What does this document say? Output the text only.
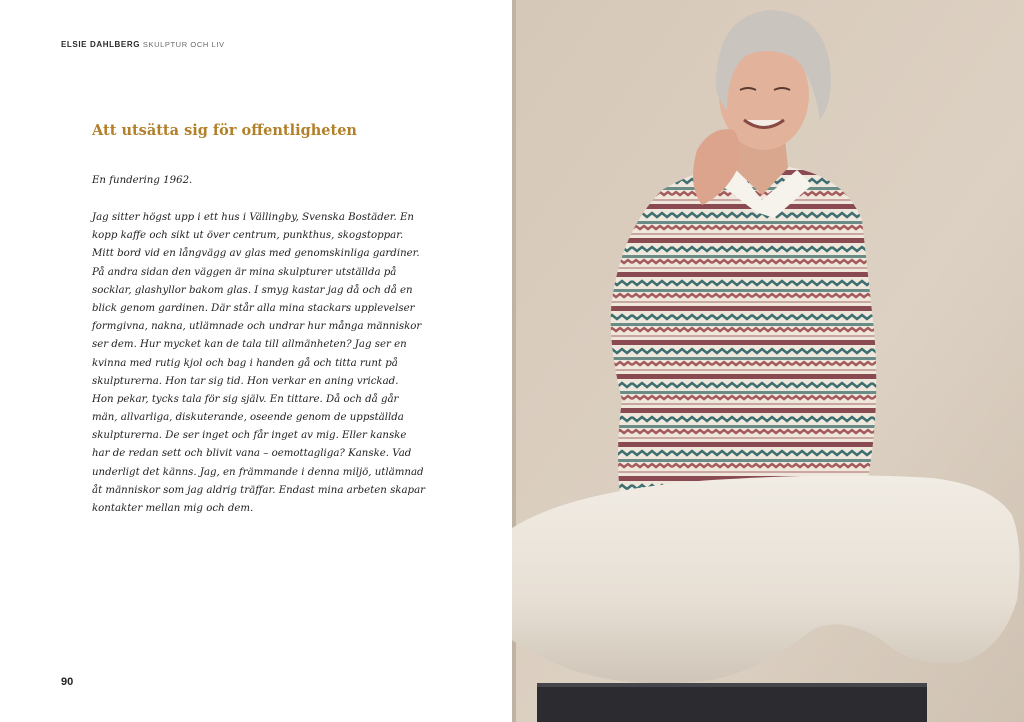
ELSIE DAHLBERG SKULPTUR OCH LIV
Att utsätta sig för offentligheten
En fundering 1962.
Jag sitter högst upp i ett hus i Vällingby, Svenska Bostäder. En
kopp kaffe och sikt ut över centrum, punkthus, skogstoppar.
Mitt bord vid en långvägg av glas med genomskinliga gardiner.
På andra sidan den väggen är mina skulpturer utställda på
socklar, glashyllor bakom glas. I smyg kastar jag då och då en
blick genom gardinen. Där står alla mina stackars upplevelser
formgivna, nakna, utlämnade och undrar hur många människor
ser dem. Hur mycket kan de tala till allmänheten? Jag ser en
kvinna med rutig kjol och bag i handen gå och titta runt på
skulpturerna. Hon tar sig tid. Hon verkar en aning vrickad.
Hon pekar, tycks tala för sig själv. En tittare. Då och då går
män, allvarliga, diskuterande, oseende genom de uppställda
skulpturerna. De ser inget och får inget av mig. Eller kanske
har de redan sett och blivit vana – oemottagliga? Kanske. Vad
underligt det känns. Jag, en främmande i denna miljö, utlämnad
åt människor som jag aldrig träffar. Endast mina arbeten skapar
kontakter mellan mig och dem.
90
